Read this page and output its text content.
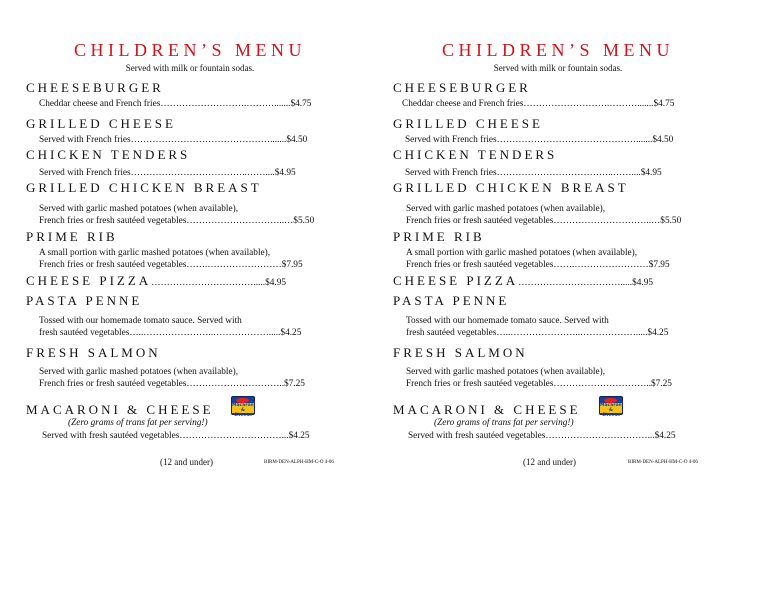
CHILDREN’S MENU
Served with milk or fountain sodas.
CHEESEBURGER
Cheddar cheese and French fries……………………….……….......$4.75
GRILLED CHEESE
Served with French fries……………………………………….......$4.50
CHICKEN TENDERS
Served with French fries………………………………..……....$4.95
GRILLED CHICKEN BREAST
Served with garlic mashed potatoes (when available),
French fries or fresh sautéed vegetables…………………………..…$5.50
PRIME RIB
A small portion with garlic mashed potatoes (when available),
French fries or fresh sautéed vegetables…….……………………$7.95
CHEESE PIZZA…………………………….....$4.95
PASTA PENNE
Tossed with our homemade tomato sauce. Served with
fresh sautéed vegetables…..…………………..……………….....$4.25
FRESH SALMON
Served with garlic mashed potatoes (when available),
French fries or fresh sautéed vegetables…………………………..$7.25
MACARONI & CHEESE	Macaroni
& Cheese
(Zero grams of trans fat per serving!)
Served with fresh sautéed vegetables……………………………...$4.25
(12 and under)	BIRM-DEN-ALPH-HM-C-O 4-06
CHILDREN’S MENU
Served with milk or fountain sodas.
CHEESEBURGER
Cheddar cheese and French fries……………………….……….......$4.75
GRILLED CHEESE
Served with French fries……………………………………….......$4.50
CHICKEN TENDERS
Served with French fries………………………………..……....$4.95
GRILLED CHICKEN BREAST
Served with garlic mashed potatoes (when available),
French fries or fresh sautéed vegetables…………………………..…$5.50
PRIME RIB
A small portion with garlic mashed potatoes (when available),
French fries or fresh sautéed vegetables…….……………………$7.95
CHEESE PIZZA…………………………….....$4.95
PASTA PENNE
Tossed with our homemade tomato sauce. Served with
fresh sautéed vegetables…..…………………..……………….....$4.25
FRESH SALMON
Served with garlic mashed potatoes (when available),
French fries or fresh sautéed vegetables…………………………..$7.25
MACARONI & CHEESE	Macaroni
& Cheese
(Zero grams of trans fat per serving!)
Served with fresh sautéed vegetables……………………………...$4.25
(12 and under)	BIRM-DEN-ALPH-HM-C-O 4-06
